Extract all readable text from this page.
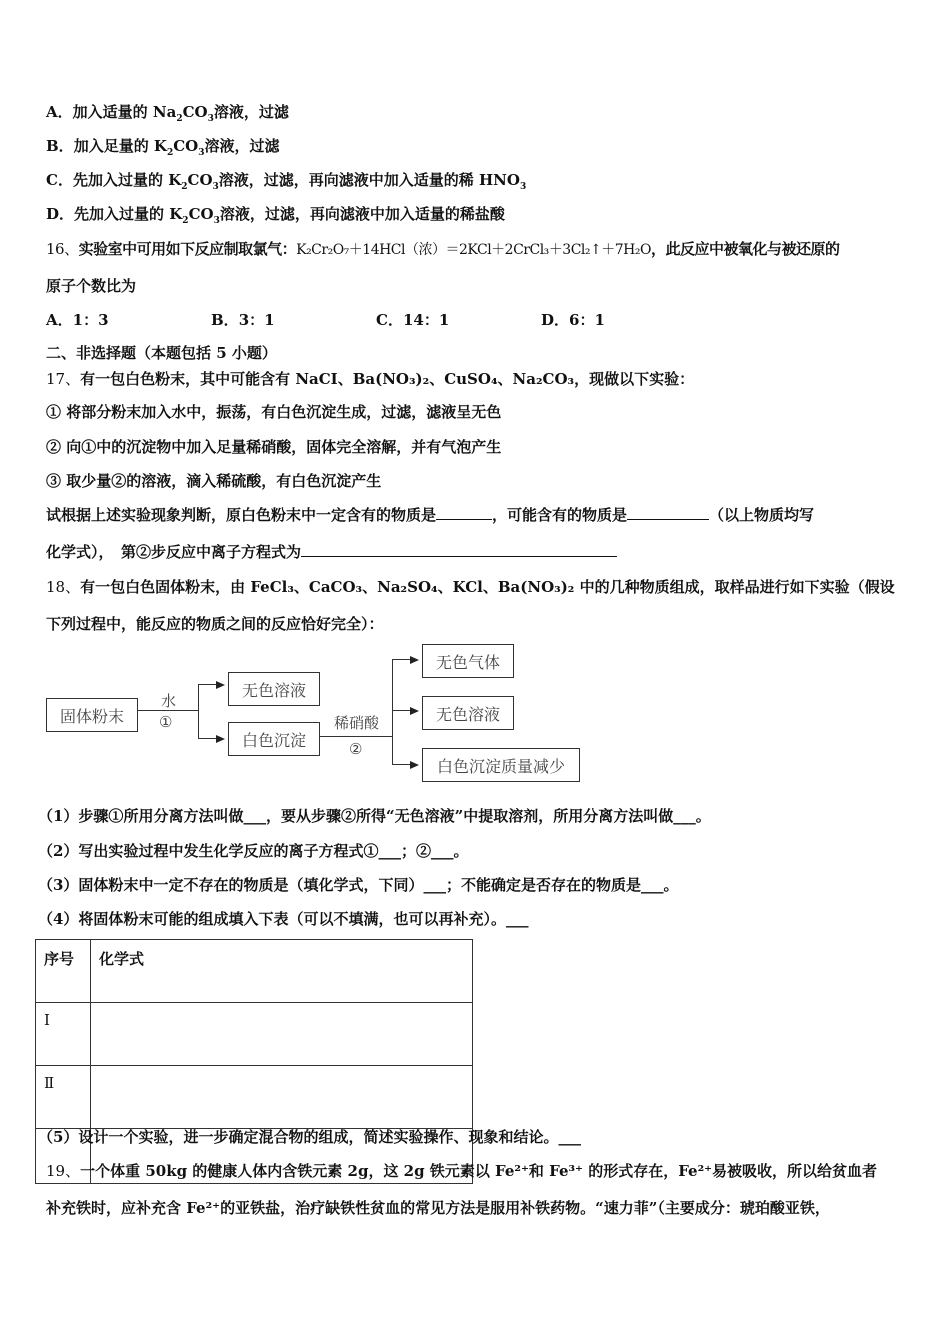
A．加入适量的 $Na_2CO_3$溶液，过滤
B．加入足量的 $K_2CO_3$溶液，过滤
C．先加入过量的 $K_2CO_3$溶液，过滤，再向滤液中加入适量的稀 $HNO_3$
D．先加入过量的 $K_2CO_3$溶液，过滤，再向滤液中加入适量的稀盐酸
16、实验室中可用如下反应制取氯气：K₂Cr₂O₇＋14HCl（浓）＝2KCl＋2CrCl₃＋3Cl₂↑＋7H₂O，此反应中被氧化与被还原的
原子个数比为
A．1：3	B．3：1	C．14：1	D．6：1
二、非选择题（本题包括 5 小题）
17、有一包白色粉末，其中可能含有 NaCI、Ba(NO₃)₂、CuSO₄、Na₂CO₃，现做以下实验：
① 将部分粉末加入水中，振荡，有白色沉淀生成，过滤，滤液呈无色
② 向①中的沉淀物中加入足量稀硝酸，固体完全溶解，并有气泡产生
③ 取少量②的溶液，滴入稀硫酸，有白色沉淀产生
试根据上述实验现象判断，原白色粉末中一定含有的物质是	，可能含有的物质是	（以上物质均写
化学式），　第②步反应中离子方程式为
18、有一包白色固体粉末，由 FeCl₃、CaCO₃、Na₂SO₄、KCl、Ba(NO₃)₂ 中的几种物质组成，取样品进行如下实验（假设
下列过程中，能反应的物质之间的反应恰好完全）：
固体粉末
水
①
无色溶液
白色沉淀
稀硝酸
②
无色气体
无色溶液
白色沉淀质量减少
（1）步骤①所用分离方法叫做___，要从步骤②所得“无色溶液”中提取溶剂，所用分离方法叫做___。
（2）写出实验过程中发生化学反应的离子方程式①___；②___。
（3）固体粉末中一定不存在的物质是（填化学式，下同）___；不能确定是否存在的物质是___。
（4）将固体粉末可能的组成填入下表（可以不填满，也可以再补充）。___
序号	化学式
Ⅰ	
Ⅱ	

（5）设计一个实验，进一步确定混合物的组成，简述实验操作、现象和结论。___
19、一个体重 50kg 的健康人体内含铁元素 2g，这 2g 铁元素以 Fe²⁺和 Fe³⁺ 的形式存在，Fe²⁺易被吸收，所以给贫血者
补充铁时，应补充含 Fe²⁺的亚铁盐，治疗缺铁性贫血的常见方法是服用补铁药物。“速力菲”（主要成分：琥珀酸亚铁，
